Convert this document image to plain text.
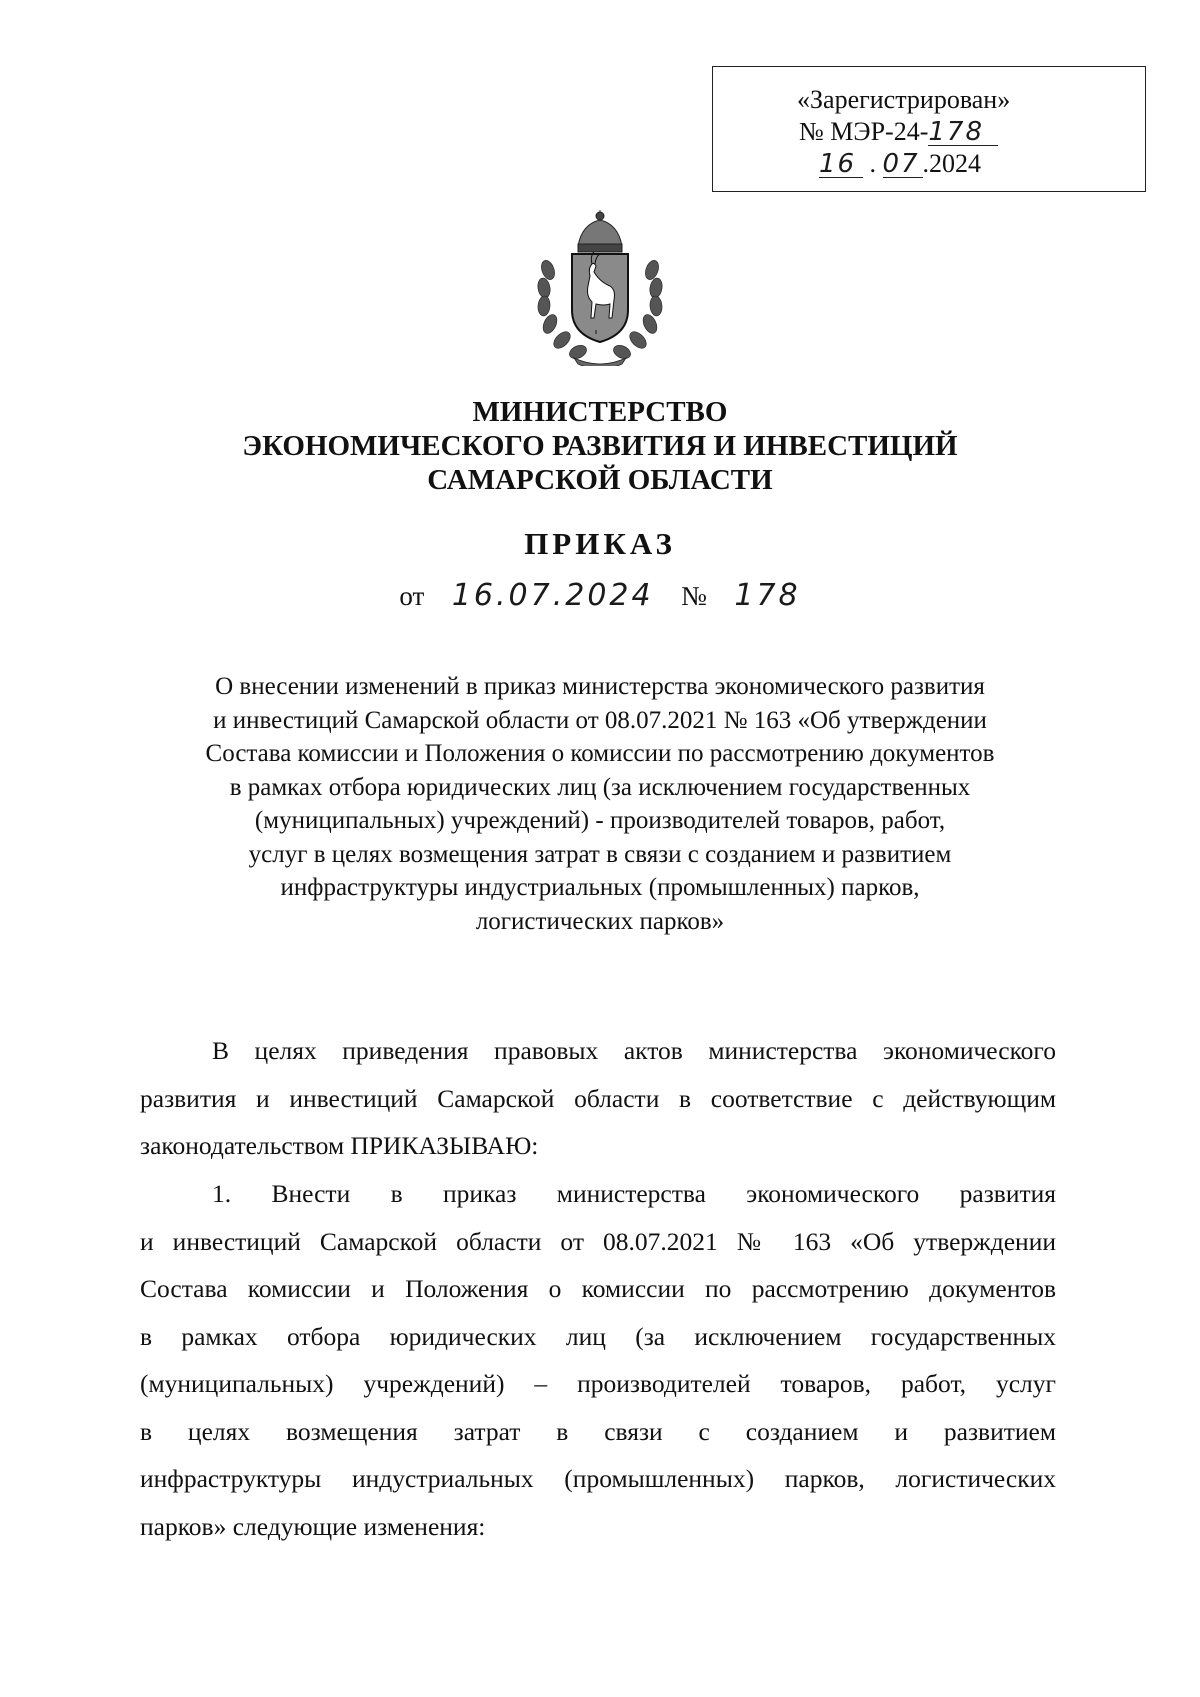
«Зарегистрирован»
№ МЭР-24-178
16 . 07 .2024
МИНИСТЕРСТВО
ЭКОНОМИЧЕСКОГО РАЗВИТИЯ И ИНВЕСТИЦИЙ
САМАРСКОЙ ОБЛАСТИ
ПРИКАЗ
от 16.07.2024 № 178
О внесении изменений в приказ министерства экономического развития
и инвестиций Самарской области от 08.07.2021 № 163 «Об утверждении
Состава комиссии и Положения о комиссии по рассмотрению документов
в рамках отбора юридических лиц (за исключением государственных
(муниципальных) учреждений) - производителей товаров, работ,
услуг в целях возмещения затрат в связи с созданием и развитием
инфраструктуры индустриальных (промышленных) парков,
логистических парков»
В целях приведения правовых актов министерства экономического
развития и инвестиций Самарской области в соответствие с действующим
законодательством ПРИКАЗЫВАЮ:
1. Внести в приказ министерства экономического развития
и инвестиций Самарской области от 08.07.2021 № 163 «Об утверждении
Состава комиссии и Положения о комиссии по рассмотрению документов
в рамках отбора юридических лиц (за исключением государственных
(муниципальных) учреждений) – производителей товаров, работ, услуг
в целях возмещения затрат в связи с созданием и развитием
инфраструктуры индустриальных (промышленных) парков, логистических
парков» следующие изменения:
